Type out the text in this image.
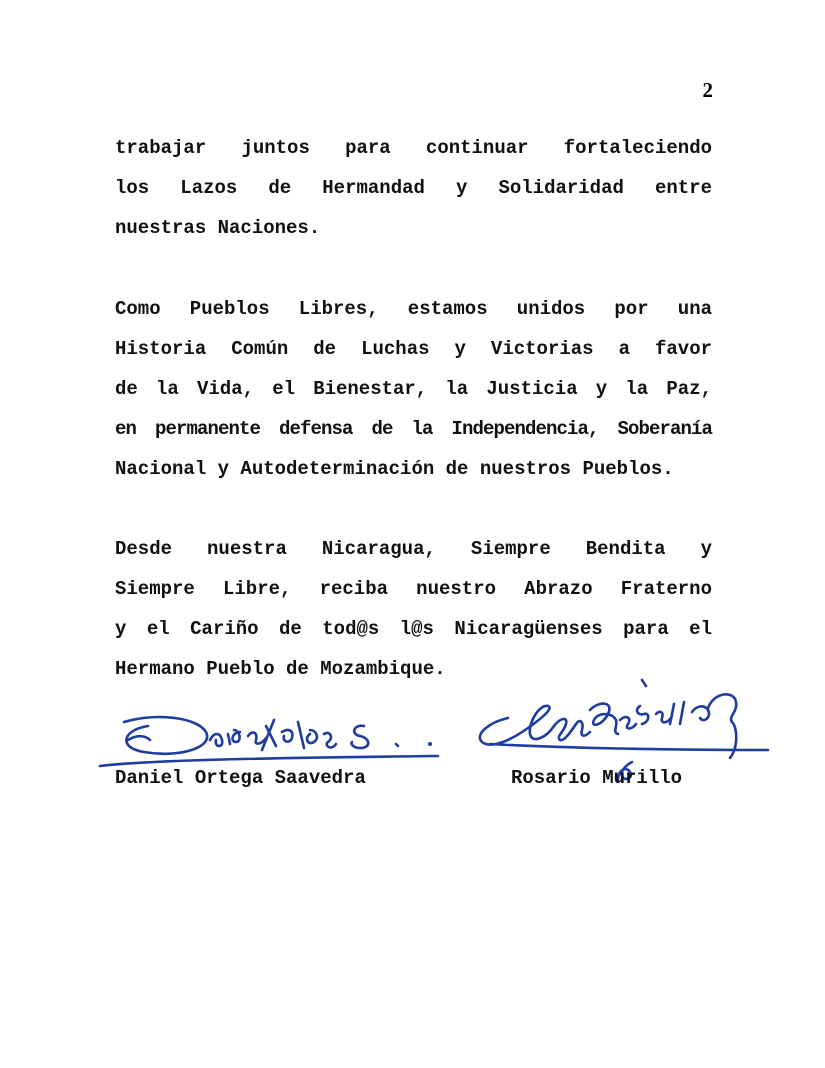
2

trabajar juntos para continuar fortaleciendo
los Lazos de Hermandad y Solidaridad entre
nuestras Naciones.

Como Pueblos Libres, estamos unidos por una
Historia Común de Luchas y Victorias a favor
de la Vida, el Bienestar, la Justicia y la Paz,
en permanente defensa de la Independencia, Soberanía
Nacional y Autodeterminación de nuestros Pueblos.

Desde nuestra Nicaragua, Siempre Bendita y
Siempre Libre, reciba nuestro Abrazo Fraterno
y el Cariño de tod@s l@s Nicaragüenses para el
Hermano Pueblo de Mozambique.

Daniel Ortega Saavedra	Rosario Murillo
